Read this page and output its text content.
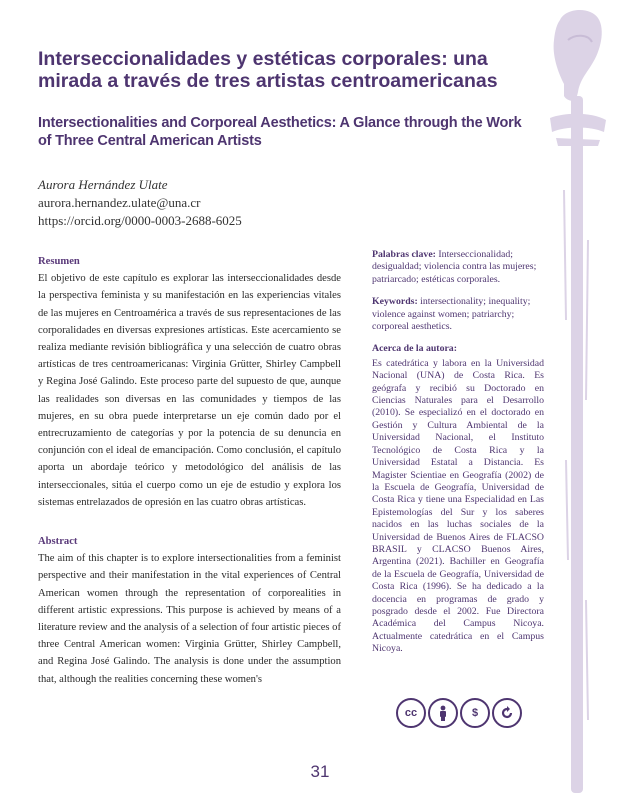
Interseccionalidades y estéticas corporales: una mirada a través de tres artistas centroamericanas
Intersectionalities and Corporeal Aesthetics: A Glance through the Work of Three Central American Artists
Aurora Hernández Ulate
aurora.hernandez.ulate@una.cr
https://orcid.org/0000-0003-2688-6025
Resumen

El objetivo de este capítulo es explorar las interseccionalidades desde la perspectiva feminista y su manifestación en las experiencias vitales de las mujeres en Centroamérica a través de sus representaciones de las corporalidades en diversas expresiones artísticas. Este acercamiento se realiza mediante revisión bibliográfica y una selección de cuatro obras artísticas de tres centroamericanas: Virginia Grütter, Shirley Campbell y Regina José Galindo. Este proceso parte del supuesto de que, aunque las realidades son diversas en las comunidades y tiempos de las mujeres, en su obra puede interpretarse un eje común dado por el entrecruzamiento de categorías y por la potencia de su denuncia en conjunción con el ideal de emancipación. Como conclusión, el capítulo aporta un abordaje teórico y metodológico del análisis de las interseccionales, sitúa el cuerpo como un eje de estudio y explora los sistemas entrelazados de opresión en las cuatro obras artísticas.

Abstract

The aim of this chapter is to explore intersectionalities from a feminist perspective and their manifestation in the vital experiences of Central American women through the representation of corporealities in different artistic expressions. This purpose is achieved by means of a literature review and the analysis of a selection of four artistic pieces of three Central American women: Virginia Grütter, Shirley Campbell, and Regina José Galindo. The analysis is done under the assumption that, although the realities concerning these women's

Palabras clave: Interseccionalidad; desigualdad; violencia contra las mujeres; patriarcado; estéticas corporales.

Keywords: intersectionality; inequality; violence against women; patriarchy; corporeal aesthetics.

Acerca de la autora:

Es catedrática y labora en la Universidad Nacional (UNA) de Costa Rica. Es geógrafa y recibió su Doctorado en Ciencias Naturales para el Desarrollo (2010). Se especializó en el doctorado en Gestión y Cultura Ambiental de la Universidad Nacional, el Instituto Tecnológico de Costa Rica y la Universidad Estatal a Distancia. Es Magister Scientiae en Geografía (2002) de la Escuela de Geografía, Universidad de Costa Rica y tiene una Especialidad en Las Epistemologías del Sur y los saberes nacidos en las luchas sociales de la Universidad de Buenos Aires de FLACSO BRASIL y CLACSO Buenos Aires, Argentina (2021). Bachiller en Geografía de la Escuela de Geografía, Universidad de Costa Rica (1996). Se ha dedicado a la docencia en programas de grado y posgrado desde el 2002. Fue Directora Académica del Campus Nicoya. Actualmente catedrática en el Campus Nicoya.

cc	$
31
